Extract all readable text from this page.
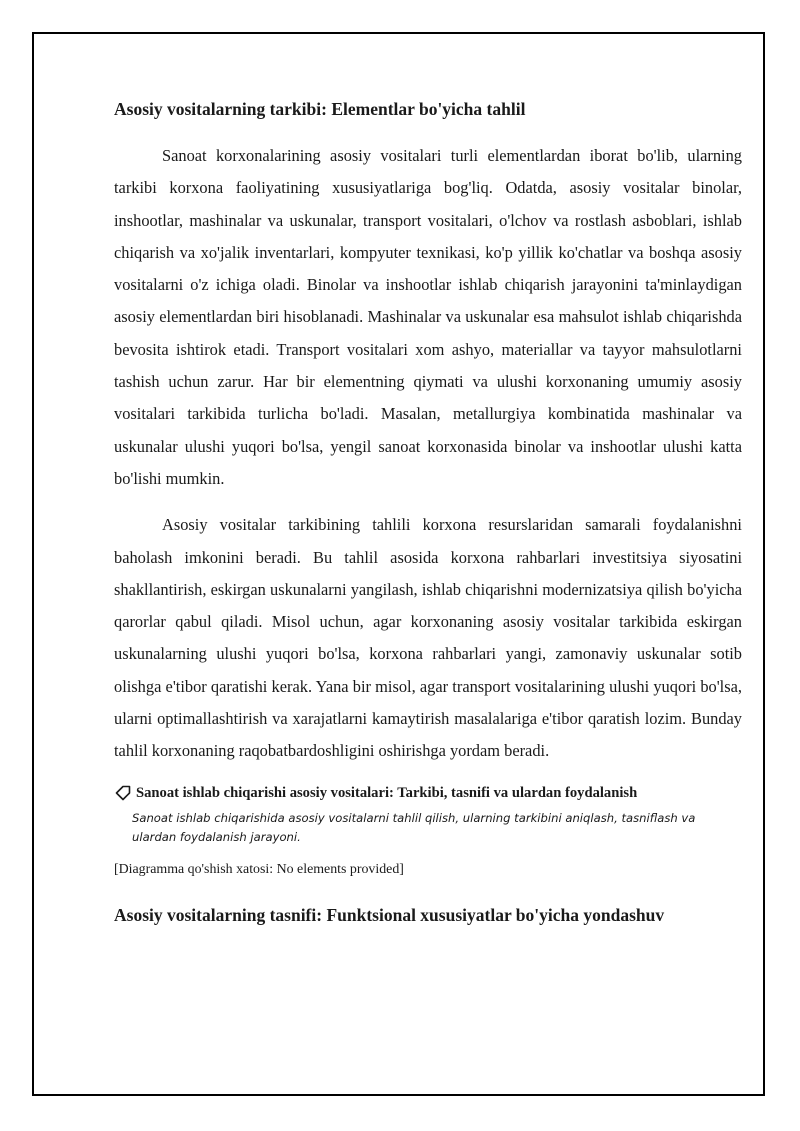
Asosiy vositalarning tarkibi: Elementlar bo'yicha tahlil

Sanoat korxonalarining asosiy vositalari turli elementlardan iborat bo'lib, ularning tarkibi korxona faoliyatining xususiyatlariga bog'liq. Odatda, asosiy vositalar binolar, inshootlar, mashinalar va uskunalar, transport vositalari, o'lchov va rostlash asboblari, ishlab chiqarish va xo'jalik inventarlari, kompyuter texnikasi, ko'p yillik ko'chatlar va boshqa asosiy vositalarni o'z ichiga oladi. Binolar va inshootlar ishlab chiqarish jarayonini ta'minlaydigan asosiy elementlardan biri hisoblanadi. Mashinalar va uskunalar esa mahsulot ishlab chiqarishda bevosita ishtirok etadi. Transport vositalari xom ashyo, materiallar va tayyor mahsulotlarni tashish uchun zarur. Har bir elementning qiymati va ulushi korxonaning umumiy asosiy vositalari tarkibida turlicha bo'ladi. Masalan, metallurgiya kombinatida mashinalar va uskunalar ulushi yuqori bo'lsa, yengil sanoat korxonasida binolar va inshootlar ulushi katta bo'lishi mumkin.

Asosiy vositalar tarkibining tahlili korxona resurslaridan samarali foydalanishni baholash imkonini beradi. Bu tahlil asosida korxona rahbarlari investitsiya siyosatini shakllantirish, eskirgan uskunalarni yangilash, ishlab chiqarishni modernizatsiya qilish bo'yicha qarorlar qabul qiladi. Misol uchun, agar korxonaning asosiy vositalar tarkibida eskirgan uskunalarning ulushi yuqori bo'lsa, korxona rahbarlari yangi, zamonaviy uskunalar sotib olishga e'tibor qaratishi kerak. Yana bir misol, agar transport vositalarining ulushi yuqori bo'lsa, ularni optimallashtirish va xarajatlarni kamaytirish masalalariga e'tibor qaratish lozim. Bunday tahlil korxonaning raqobatbardoshligini oshirishga yordam beradi.

Sanoat ishlab chiqarishi asosiy vositalari: Tarkibi, tasnifi va ulardan foydalanish
Sanoat ishlab chiqarishida asosiy vositalarni tahlil qilish, ularning tarkibini aniqlash, tasniflash va ulardan foydalanish jarayoni.
[Diagramma qo'shish xatosi: No elements provided]
Asosiy vositalarning tasnifi: Funktsional xususiyatlar bo'yicha yondashuv
